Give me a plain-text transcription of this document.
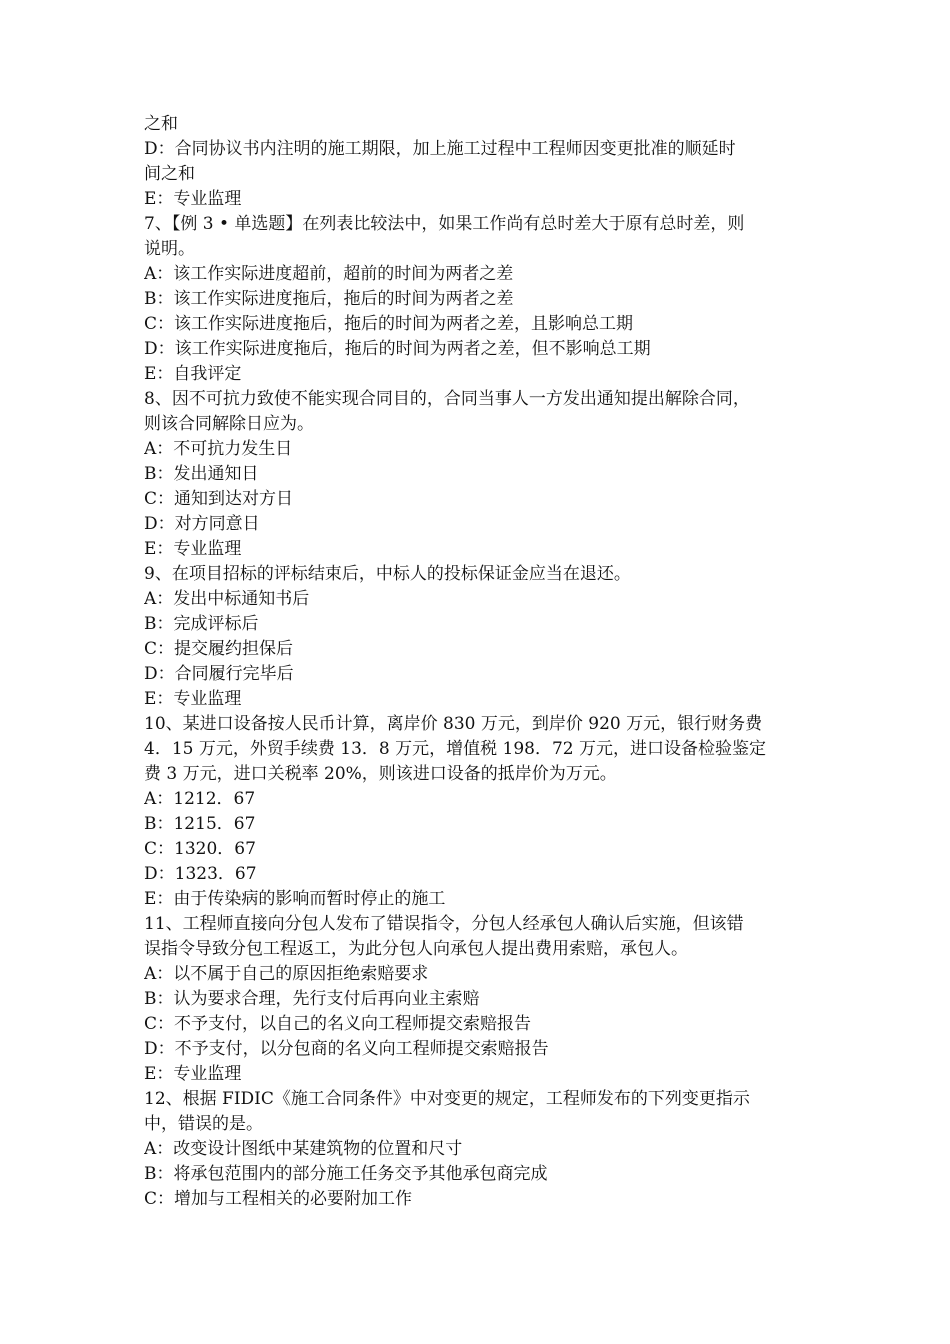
之和
D：合同协议书内注明的施工期限，加上施工过程中工程师因变更批准的顺延时
间之和
E：专业监理
7、【例 3 • 单选题】在列表比较法中，如果工作尚有总时差大于原有总时差，则
说明。
A：该工作实际进度超前，超前的时间为两者之差
B：该工作实际进度拖后，拖后的时间为两者之差
C：该工作实际进度拖后，拖后的时间为两者之差，且影响总工期
D：该工作实际进度拖后，拖后的时间为两者之差，但不影响总工期
E：自我评定
8、因不可抗力致使不能实现合同目的，合同当事人一方发出通知提出解除合同，
则该合同解除日应为。
A：不可抗力发生日
B：发出通知日
C：通知到达对方日
D：对方同意日
E：专业监理
9、在项目招标的评标结束后，中标人的投标保证金应当在退还。
A：发出中标通知书后
B：完成评标后
C：提交履约担保后
D：合同履行完毕后
E：专业监理
10、某进口设备按人民币计算，离岸价 830 万元，到岸价 920 万元，银行财务费
4．15 万元，外贸手续费 13．8 万元，增值税 198．72 万元，进口设备检验鉴定
费 3 万元，进口关税率 20%，则该进口设备的抵岸价为万元。
A：1212．67
B：1215．67
C：1320．67
D：1323．67
E：由于传染病的影响而暂时停止的施工
11、工程师直接向分包人发布了错误指令，分包人经承包人确认后实施，但该错
误指令导致分包工程返工，为此分包人向承包人提出费用索赔，承包人。
A：以不属于自己的原因拒绝索赔要求
B：认为要求合理，先行支付后再向业主索赔
C：不予支付，以自己的名义向工程师提交索赔报告
D：不予支付，以分包商的名义向工程师提交索赔报告
E：专业监理
12、根据 FIDIC《施工合同条件》中对变更的规定，工程师发布的下列变更指示
中，错误的是。
A：改变设计图纸中某建筑物的位置和尺寸
B：将承包范围内的部分施工任务交予其他承包商完成
C：增加与工程相关的必要附加工作
